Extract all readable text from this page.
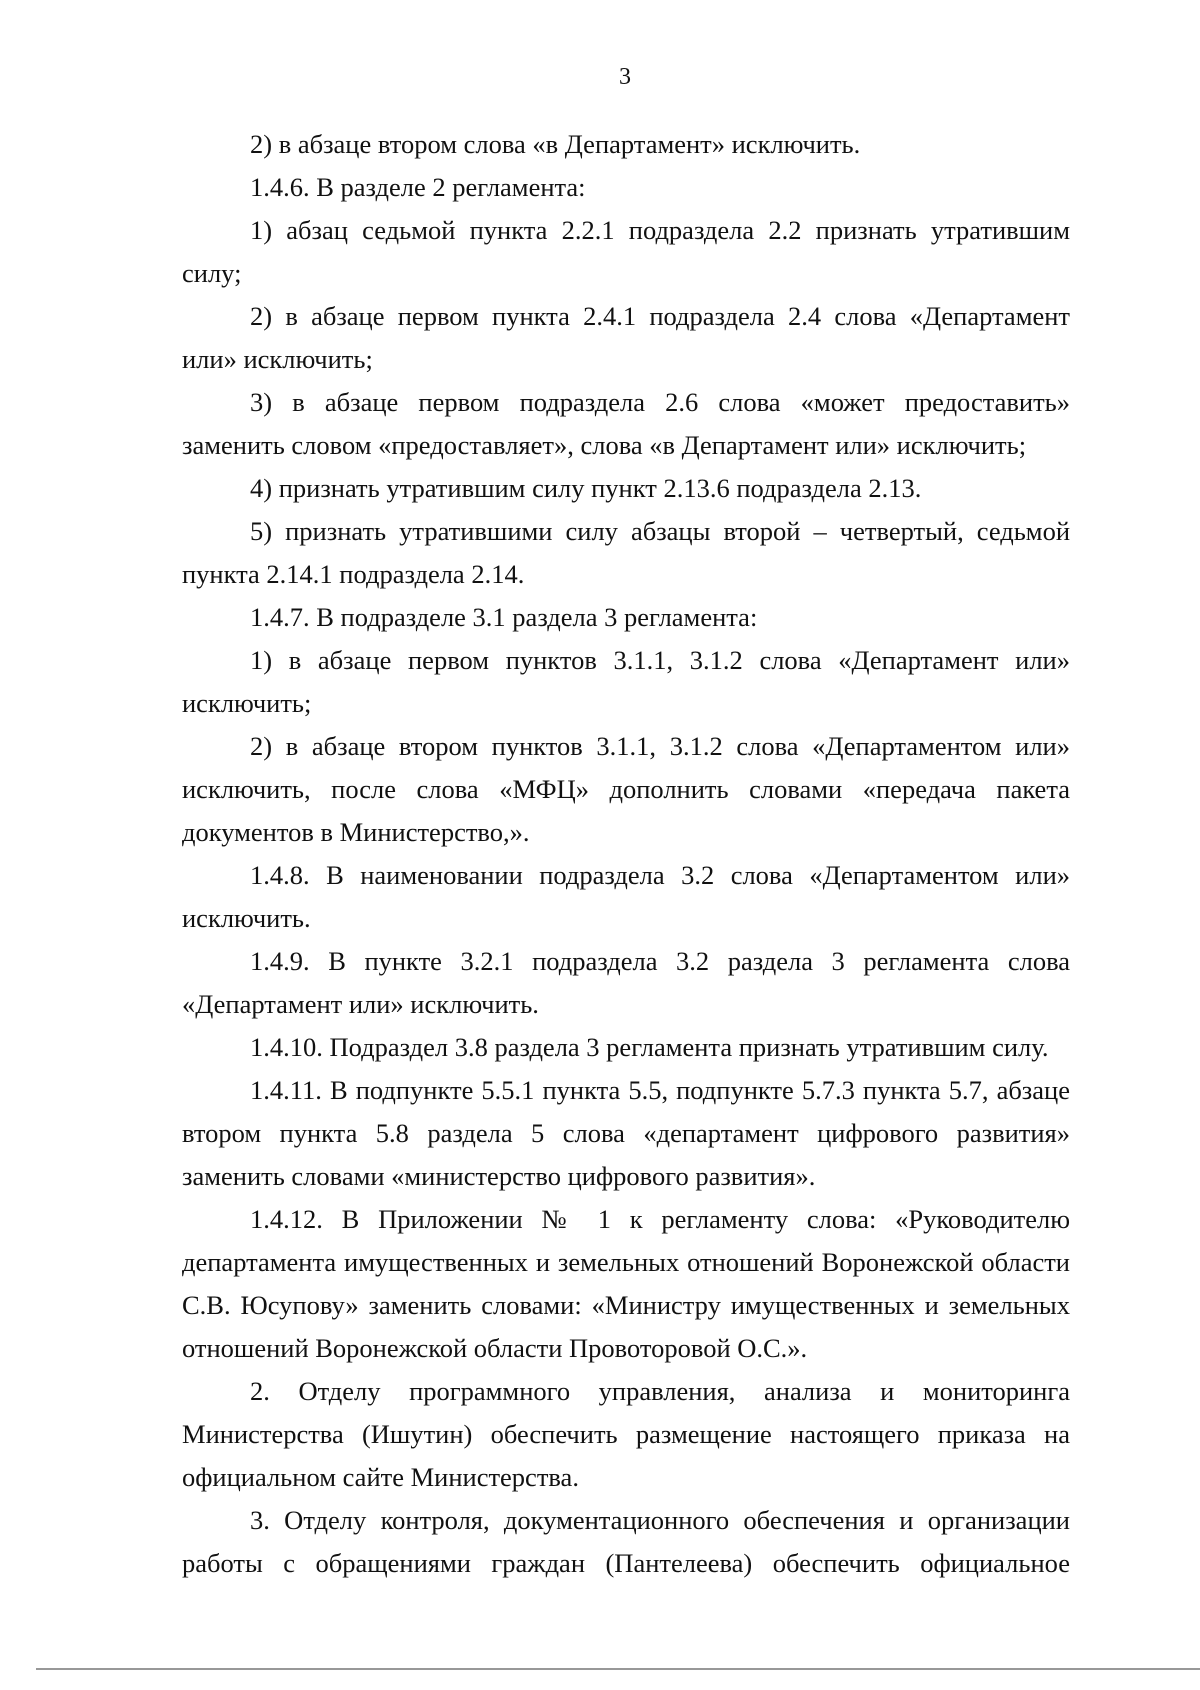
3
2) в абзаце втором слова «в Департамент» исключить.
1.4.6. В разделе 2 регламента:
1) абзац седьмой пункта 2.2.1 подраздела 2.2 признать утратившим силу;
2) в абзаце первом пункта 2.4.1 подраздела 2.4 слова «Департамент или» исключить;
3) в абзаце первом подраздела 2.6 слова «может предоставить» заменить словом «предоставляет», слова «в Департамент или» исключить;
4) признать утратившим силу пункт 2.13.6 подраздела 2.13.
5) признать утратившими силу абзацы второй – четвертый, седьмой пункта 2.14.1 подраздела 2.14.
1.4.7. В подразделе 3.1 раздела 3 регламента:
1) в абзаце первом пунктов 3.1.1, 3.1.2 слова «Департамент или» исключить;
2) в абзаце втором пунктов 3.1.1, 3.1.2 слова «Департаментом или» исключить, после слова «МФЦ» дополнить словами «передача пакета документов в Министерство,».
1.4.8. В наименовании подраздела 3.2 слова «Департаментом или» исключить.
1.4.9. В пункте 3.2.1 подраздела 3.2 раздела 3 регламента слова «Департамент или» исключить.
1.4.10. Подраздел 3.8 раздела 3 регламента признать утратившим силу.
1.4.11. В подпункте 5.5.1 пункта 5.5, подпункте 5.7.3 пункта 5.7, абзаце втором пункта 5.8 раздела 5 слова «департамент цифрового развития» заменить словами «министерство цифрового развития».
1.4.12. В Приложении № 1 к регламенту слова: «Руководителю департамента имущественных и земельных отношений Воронежской области С.В. Юсупову» заменить словами: «Министру имущественных и земельных отношений Воронежской области Провоторовой О.С.».
2. Отделу программного управления, анализа и мониторинга Министерства (Ишутин) обеспечить размещение настоящего приказа на официальном сайте Министерства.
3. Отделу контроля, документационного обеспечения и организации работы с обращениями граждан (Пантелеева) обеспечить официальное
